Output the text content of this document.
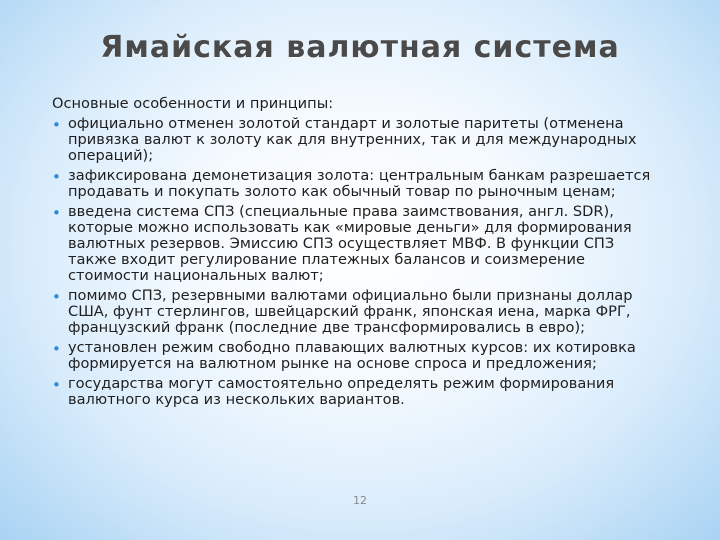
Ямайская валютная система
Основные особенности и принципы:
• официально отменен золотой стандарт и золотые паритеты (отменена привязка валют к золоту как для внутренних, так и для международных операций);
• зафиксирована демонетизация золота: центральным банкам разрешается продавать и покупать золото как обычный товар по рыночным ценам;
• введена система СПЗ (специальные права заимствования, англ. SDR), которые можно использовать как «мировые деньги» для формирования валютных резервов. Эмиссию СПЗ осуществляет МВФ. В функции СПЗ также входит регулирование платежных балансов и соизмерение стоимости национальных валют;
• помимо СПЗ, резервными валютами официально были признаны доллар США, фунт стерлингов, швейцарский франк, японская иена, марка ФРГ, французский франк (последние две трансформировались в евро);
• установлен режим свободно плавающих валютных курсов: их котировка формируется на валютном рынке на основе спроса и предложения;
• государства могут самостоятельно определять режим формирования валютного курса из нескольких вариантов.
12
